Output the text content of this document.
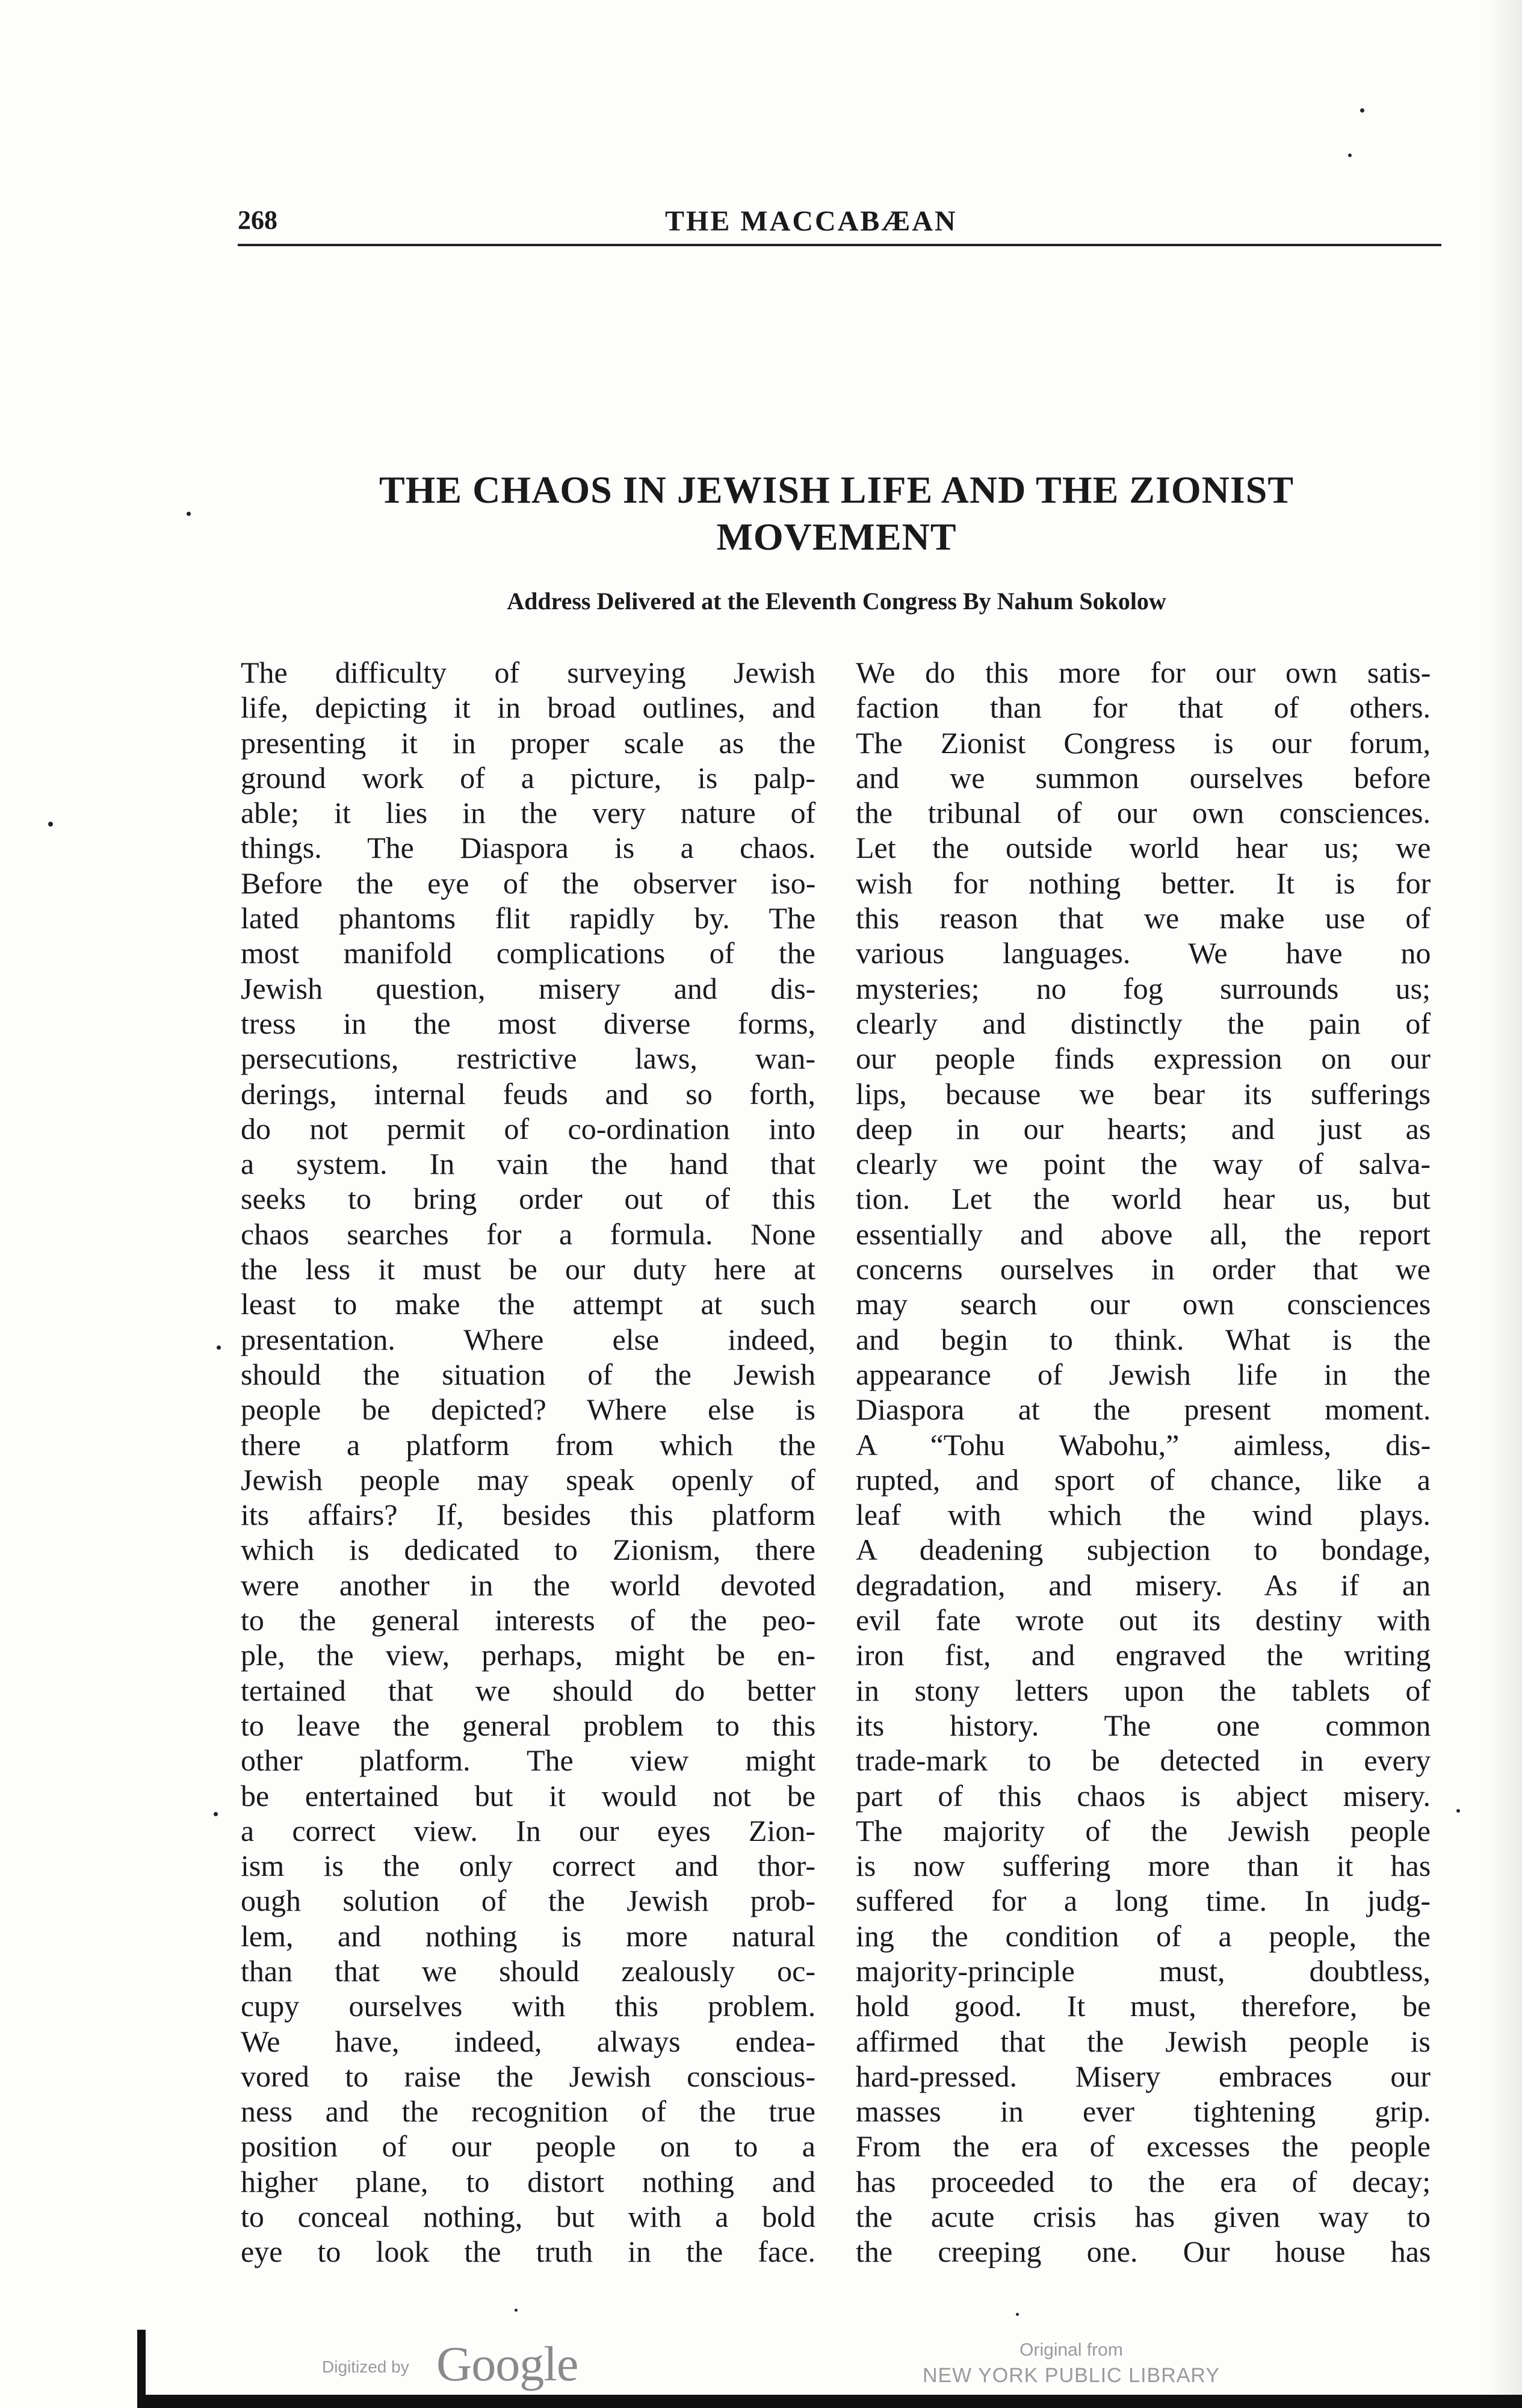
268	THE MACCABÆAN
THE CHAOS IN JEWISH LIFE AND THE ZIONIST
MOVEMENT
Address Delivered at the Eleventh Congress By Nahum Sokolow
The difficulty of surveying Jewish
life, depicting it in broad outlines, and
presenting it in proper scale as the
ground work of a picture, is palp-
able; it lies in the very nature of
things. The Diaspora is a chaos.
Before the eye of the observer iso-
lated phantoms flit rapidly by. The
most manifold complications of the
Jewish question, misery and dis-
tress in the most diverse forms,
persecutions, restrictive laws, wan-
derings, internal feuds and so forth,
do not permit of co-ordination into
a system. In vain the hand that
seeks to bring order out of this
chaos searches for a formula. None
the less it must be our duty here at
least to make the attempt at such
presentation. Where else indeed,
should the situation of the Jewish
people be depicted? Where else is
there a platform from which the
Jewish people may speak openly of
its affairs? If, besides this platform
which is dedicated to Zionism, there
were another in the world devoted
to the general interests of the peo-
ple, the view, perhaps, might be en-
tertained that we should do better
to leave the general problem to this
other platform. The view might
be entertained but it would not be
a correct view. In our eyes Zion-
ism is the only correct and thor-
ough solution of the Jewish prob-
lem, and nothing is more natural
than that we should zealously oc-
cupy ourselves with this problem.
We have, indeed, always endea-
vored to raise the Jewish conscious-
ness and the recognition of the true
position of our people on to a
higher plane, to distort nothing and
to conceal nothing, but with a bold
eye to look the truth in the face.
We do this more for our own satis-
faction than for that of others.
The Zionist Congress is our forum,
and we summon ourselves before
the tribunal of our own consciences.
Let the outside world hear us; we
wish for nothing better. It is for
this reason that we make use of
various languages. We have no
mysteries; no fog surrounds us;
clearly and distinctly the pain of
our people finds expression on our
lips, because we bear its sufferings
deep in our hearts; and just as
clearly we point the way of salva-
tion. Let the world hear us, but
essentially and above all, the report
concerns ourselves in order that we
may search our own consciences
and begin to think. What is the
appearance of Jewish life in the
Diaspora at the present moment.
A “Tohu Wabohu,” aimless, dis-
rupted, and sport of chance, like a
leaf with which the wind plays.
A deadening subjection to bondage,
degradation, and misery. As if an
evil fate wrote out its destiny with
iron fist, and engraved the writing
in stony letters upon the tablets of
its history. The one common
trade-mark to be detected in every
part of this chaos is abject misery.
The majority of the Jewish people
is now suffering more than it has
suffered for a long time. In judg-
ing the condition of a people, the
majority-principle must, doubtless,
hold good. It must, therefore, be
affirmed that the Jewish people is
hard-pressed. Misery embraces our
masses in ever tightening grip.
From the era of excesses the people
has proceeded to the era of decay;
the acute crisis has given way to
the creeping one. Our house has
Digitized by Google	Original from
NEW YORK PUBLIC LIBRARY
